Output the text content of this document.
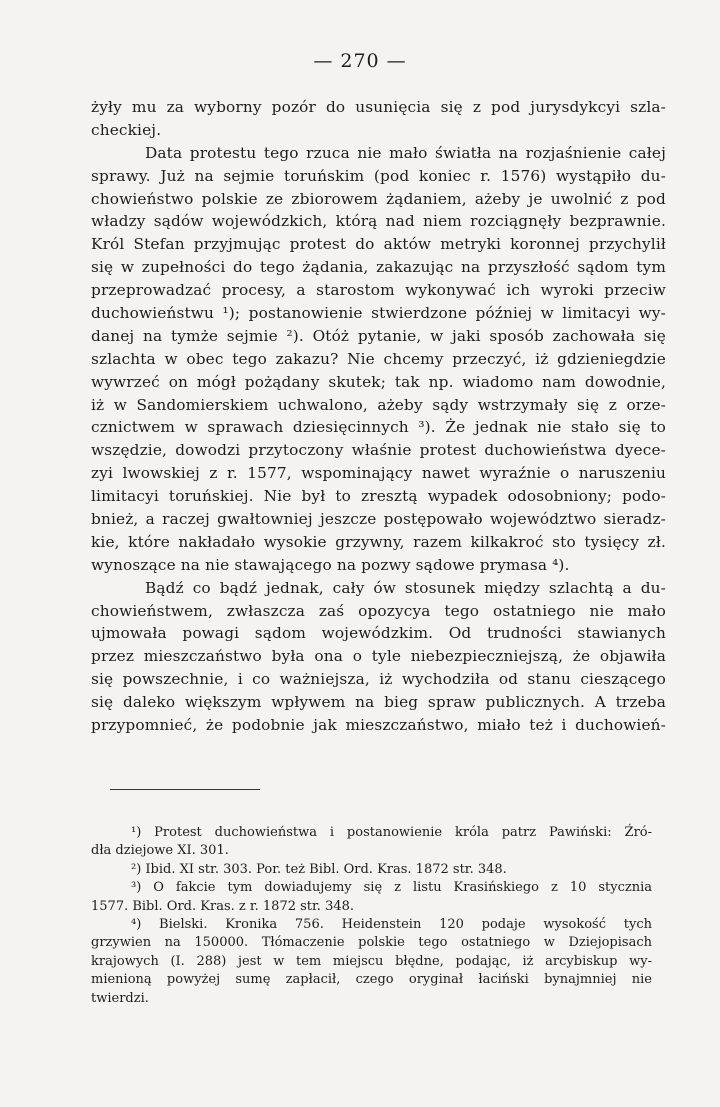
— 270 —
żyły mu za wyborny pozór do usunięcia się z pod jurysdykcyi szla-
checkiej.
Data protestu tego rzuca nie mało światła na rozjaśnienie całej
sprawy. Już na sejmie toruńskim (pod koniec r. 1576) wystąpiło du-
chowieństwo polskie ze zbiorowem żądaniem, ażeby je uwolnić z pod
władzy sądów wojewódzkich, którą nad niem rozciągnęły bezprawnie.
Król Stefan przyjmując protest do aktów metryki koronnej przychylił
się w zupełności do tego żądania, zakazując na przyszłość sądom tym
przeprowadzać procesy, a starostom wykonywać ich wyroki przeciw
duchowieństwu ¹); postanowienie stwierdzone później w limitacyi wy-
danej na tymże sejmie ²). Otóż pytanie, w jaki sposób zachowała się
szlachta w obec tego zakazu? Nie chcemy przeczyć, iż gdzieniegdzie
wywrzeć on mógł pożądany skutek; tak np. wiadomo nam dowodnie,
iż w Sandomierskiem uchwalono, ażeby sądy wstrzymały się z orze-
cznictwem w sprawach dziesięcinnych ³). Że jednak nie stało się to
wszędzie, dowodzi przytoczony właśnie protest duchowieństwa dyece-
zyi lwowskiej z r. 1577, wspominający nawet wyraźnie o naruszeniu
limitacyi toruńskiej. Nie był to zresztą wypadek odosobniony; podo-
bnież, a raczej gwałtowniej jeszcze postępowało województwo sieradz-
kie, które nakładało wysokie grzywny, razem kilkakroć sto tysięcy zł.
wynoszące na nie stawającego na pozwy sądowe prymasa ⁴).
Bądź co bądź jednak, cały ów stosunek między szlachtą a du-
chowieństwem, zwłaszcza zaś opozycya tego ostatniego nie mało
ujmowała powagi sądom wojewódzkim. Od trudności stawianych
przez mieszczaństwo była ona o tyle niebezpieczniejszą, że objawiła
się powszechnie, i co ważniejsza, iż wychodziła od stanu cieszącego
się daleko większym wpływem na bieg spraw publicznych. A trzeba
przypomnieć, że podobnie jak mieszczaństwo, miało też i duchowień-
¹) Protest duchowieństwa i postanowienie króla patrz Pawiński: Źró-
dła dziejowe XI. 301.
²) Ibid. XI str. 303. Por. też Bibl. Ord. Kras. 1872 str. 348.
³) O fakcie tym dowiadujemy się z listu Krasińskiego z 10 stycznia
1577. Bibl. Ord. Kras. z r. 1872 str. 348.
⁴) Bielski. Kronika 756. Heidenstein 120 podaje wysokość tych
grzywien na 150000. Tłómaczenie polskie tego ostatniego w Dziejopisach
krajowych (I. 288) jest w tem miejscu błędne, podając, iż arcybiskup wy-
mienioną powyżej sumę zapłacił, czego oryginał łaciński bynajmniej nie
twierdzi.
